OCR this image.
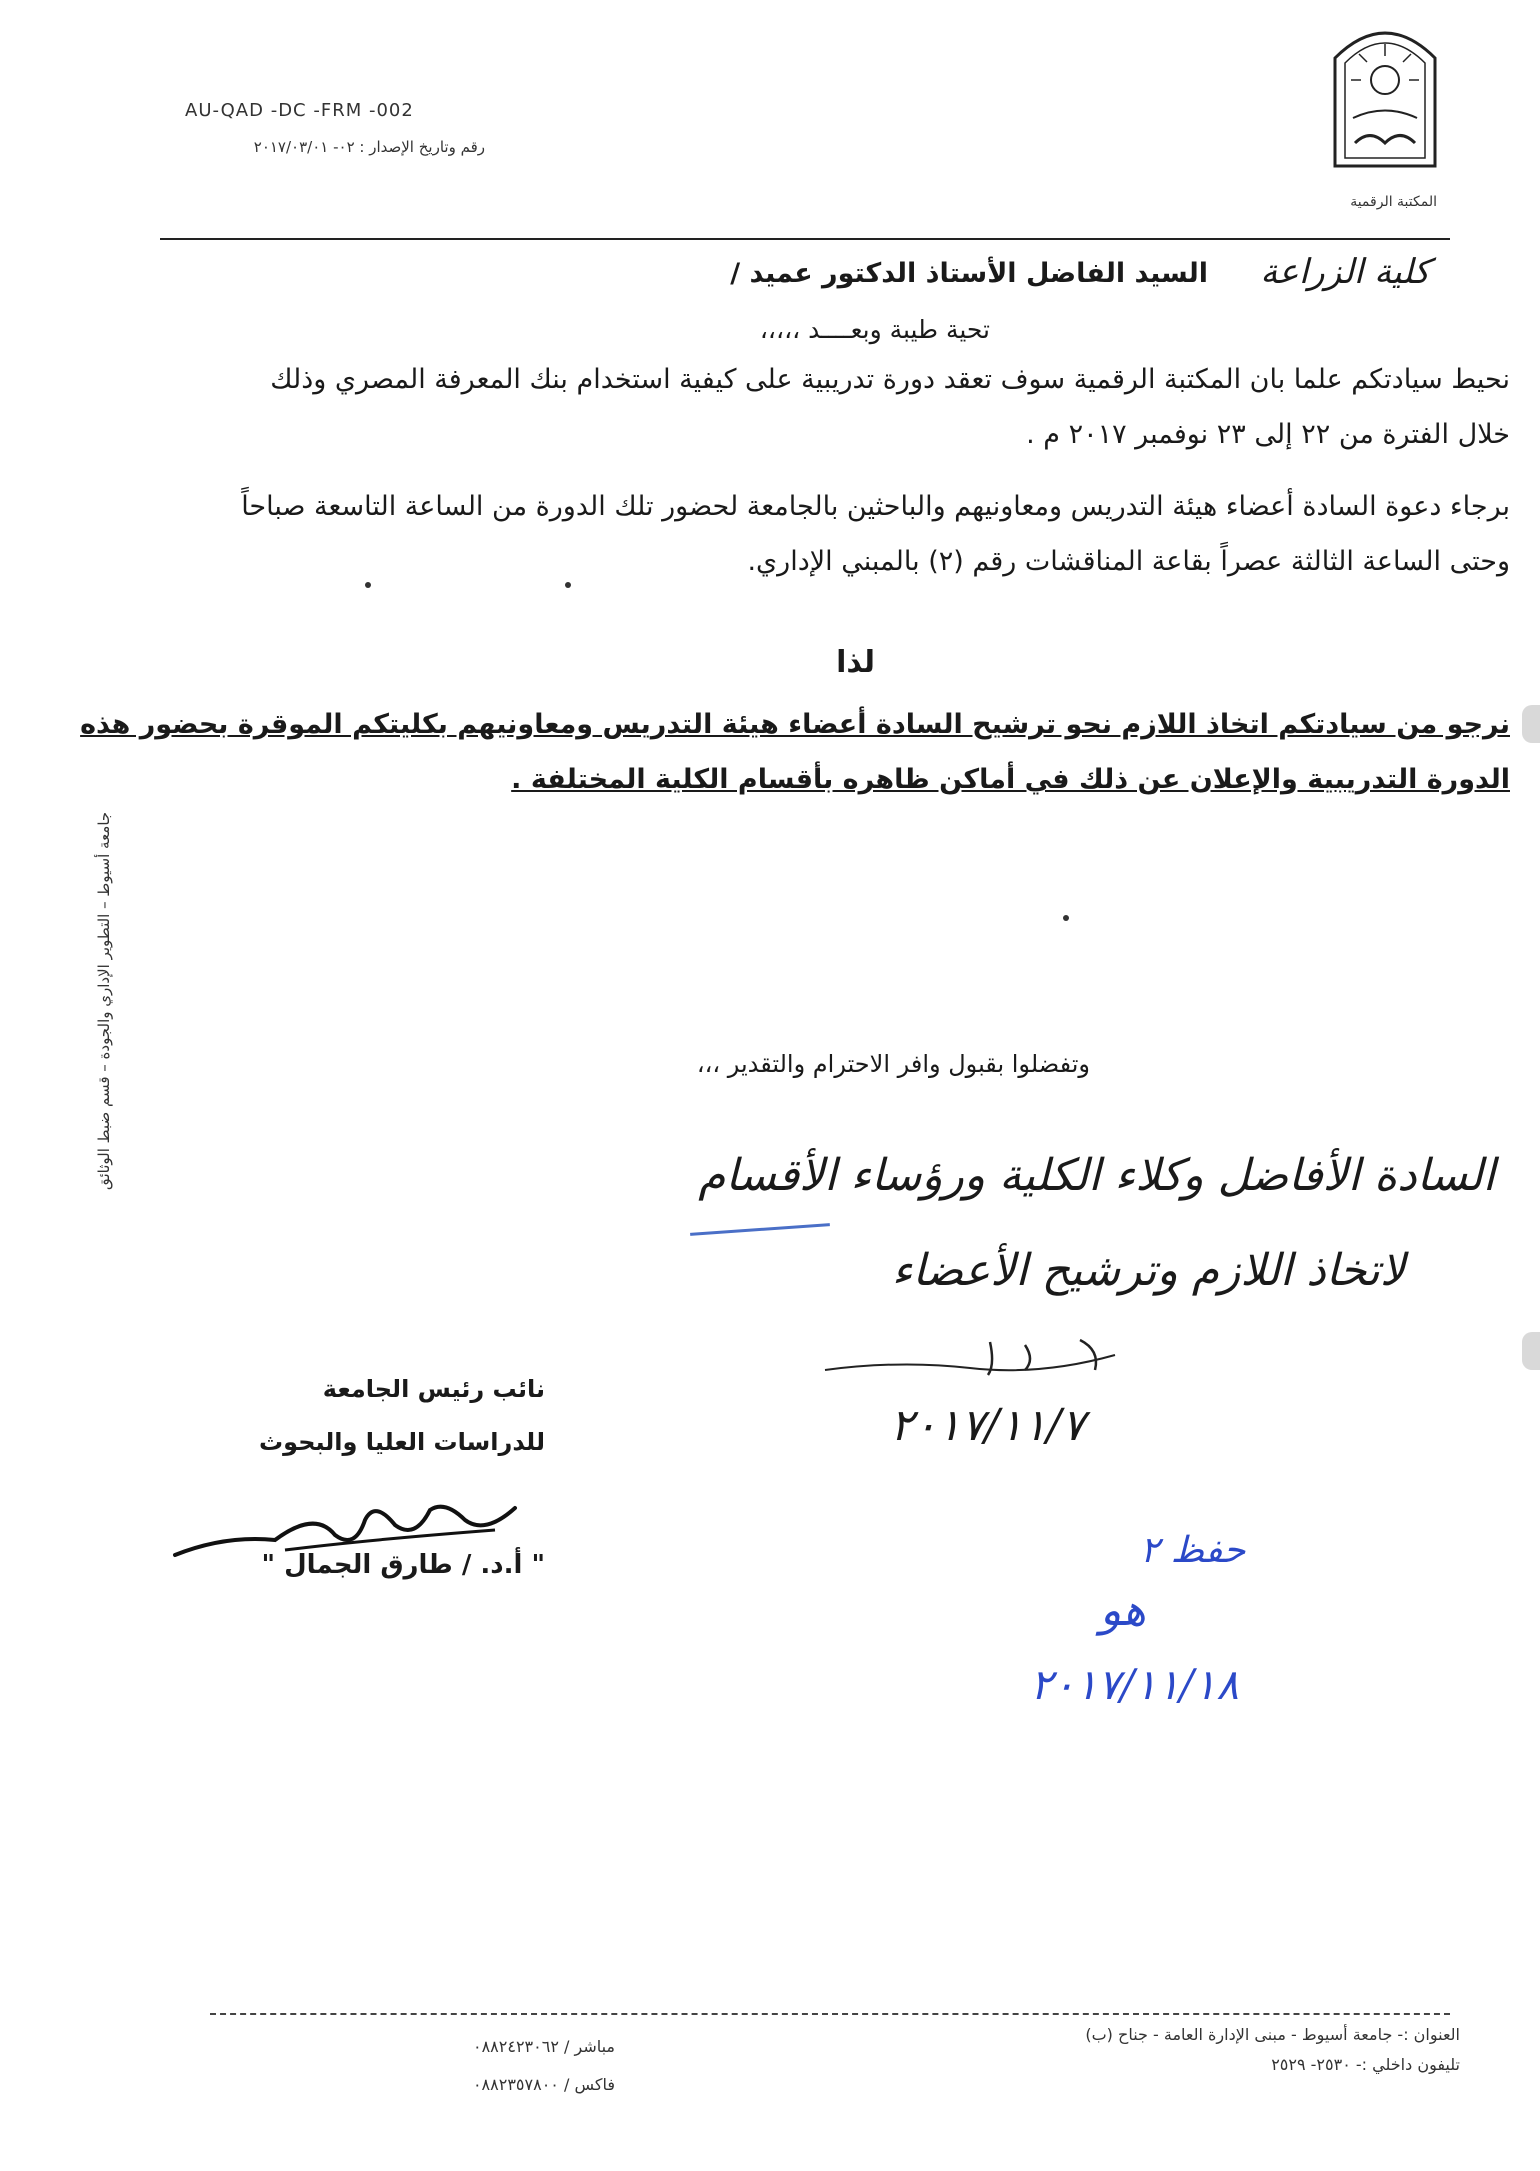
AU-QAD -DC -FRM -002
رقم وتاريخ الإصدار : ٠٢- ٢٠١٧/٠٣/٠١
المكتبة الرقمية
السيد الفاضل الأستاذ الدكتور عميد / كلية الزراعة
تحية طيبة وبعــــد ،،،،،
نحيط سيادتكم علما بان المكتبة الرقمية سوف تعقد دورة تدريبية على كيفية استخدام بنك المعرفة المصري وذلك
خلال الفترة من ٢٢ إلى ٢٣ نوفمبر ٢٠١٧ م .
برجاء دعوة السادة أعضاء هيئة التدريس ومعاونيهم والباحثين بالجامعة لحضور تلك الدورة من الساعة التاسعة صباحاً
وحتى الساعة الثالثة عصراً بقاعة المناقشات رقم (٢) بالمبني الإداري.
لذا
نرجو من سيادتكم اتخاذ اللازم نحو ترشيح السادة أعضاء هيئة التدريس ومعاونيهم بكليتكم الموقرة بحضور هذه
الدورة التدريبية والإعلان عن ذلك في أماكن ظاهره بأقسام الكلية المختلفة .
وتفضلوا بقبول وافر الاحترام والتقدير ،،،
السادة الأفاضل وكلاء الكلية ورؤساء الأقسام
لاتخاذ اللازم وترشيح الأعضاء
٢٠١٧/١١/٧
حفظ ٢
هو
٢٠١٧/١١/١٨
نائب رئيس الجامعة
للدراسات العليا والبحوث
" أ.د. / طارق الجمال "
جامعة أسيوط – التطوير الإداري والجودة – قسم ضبط الوثائق
العنوان :- جامعة أسيوط - مبنى الإدارة العامة - جناح (ب)
تليفون داخلي :- ٢٥٣٠- ٢٥٢٩
مباشر / ٠٨٨٢٤٢٣٠٦٢
فاكس / ٠٨٨٢٣٥٧٨٠٠
